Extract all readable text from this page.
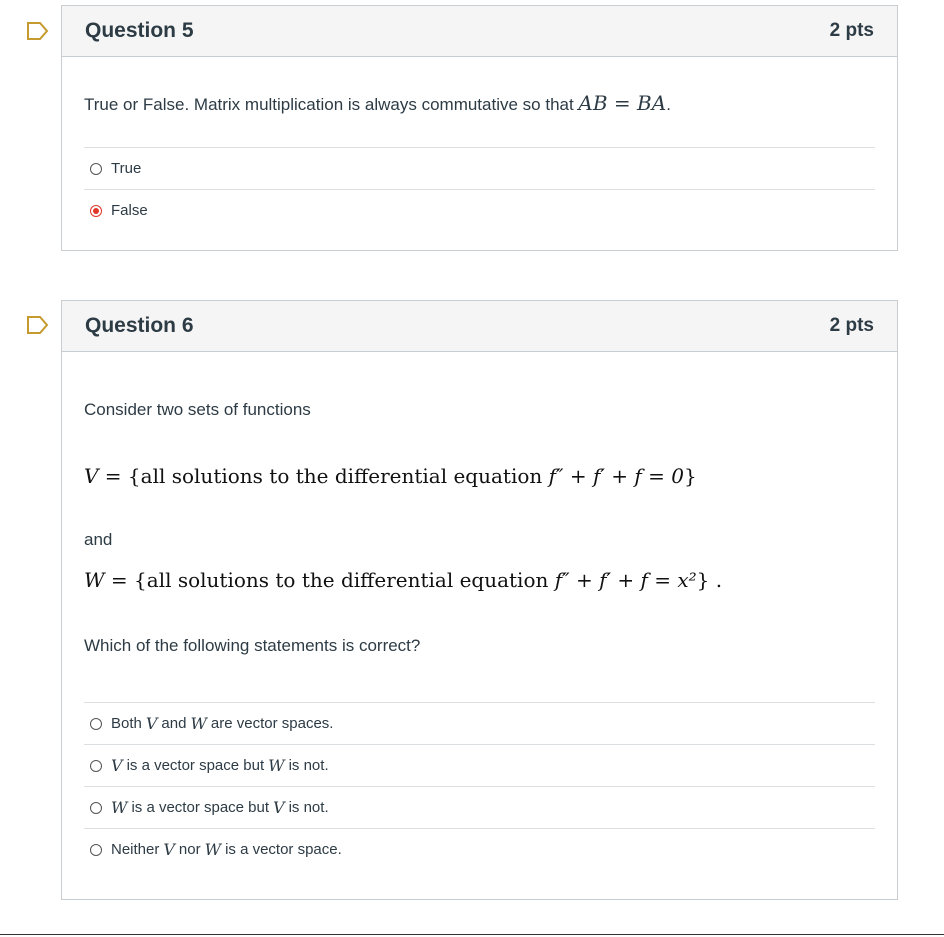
Question 5	2 pts
True or False. Matrix multiplication is always commutative so that AB = BA.
True
False
Question 6	2 pts
Consider two sets of functions
V = {all solutions to the differential equation f″ + f′ + f = 0}
and
W = {all solutions to the differential equation f″ + f′ + f = x²} .
Which of the following statements is correct?
Both V and W are vector spaces.
V is a vector space but W is not.
W is a vector space but V is not.
Neither V nor W is a vector space.
